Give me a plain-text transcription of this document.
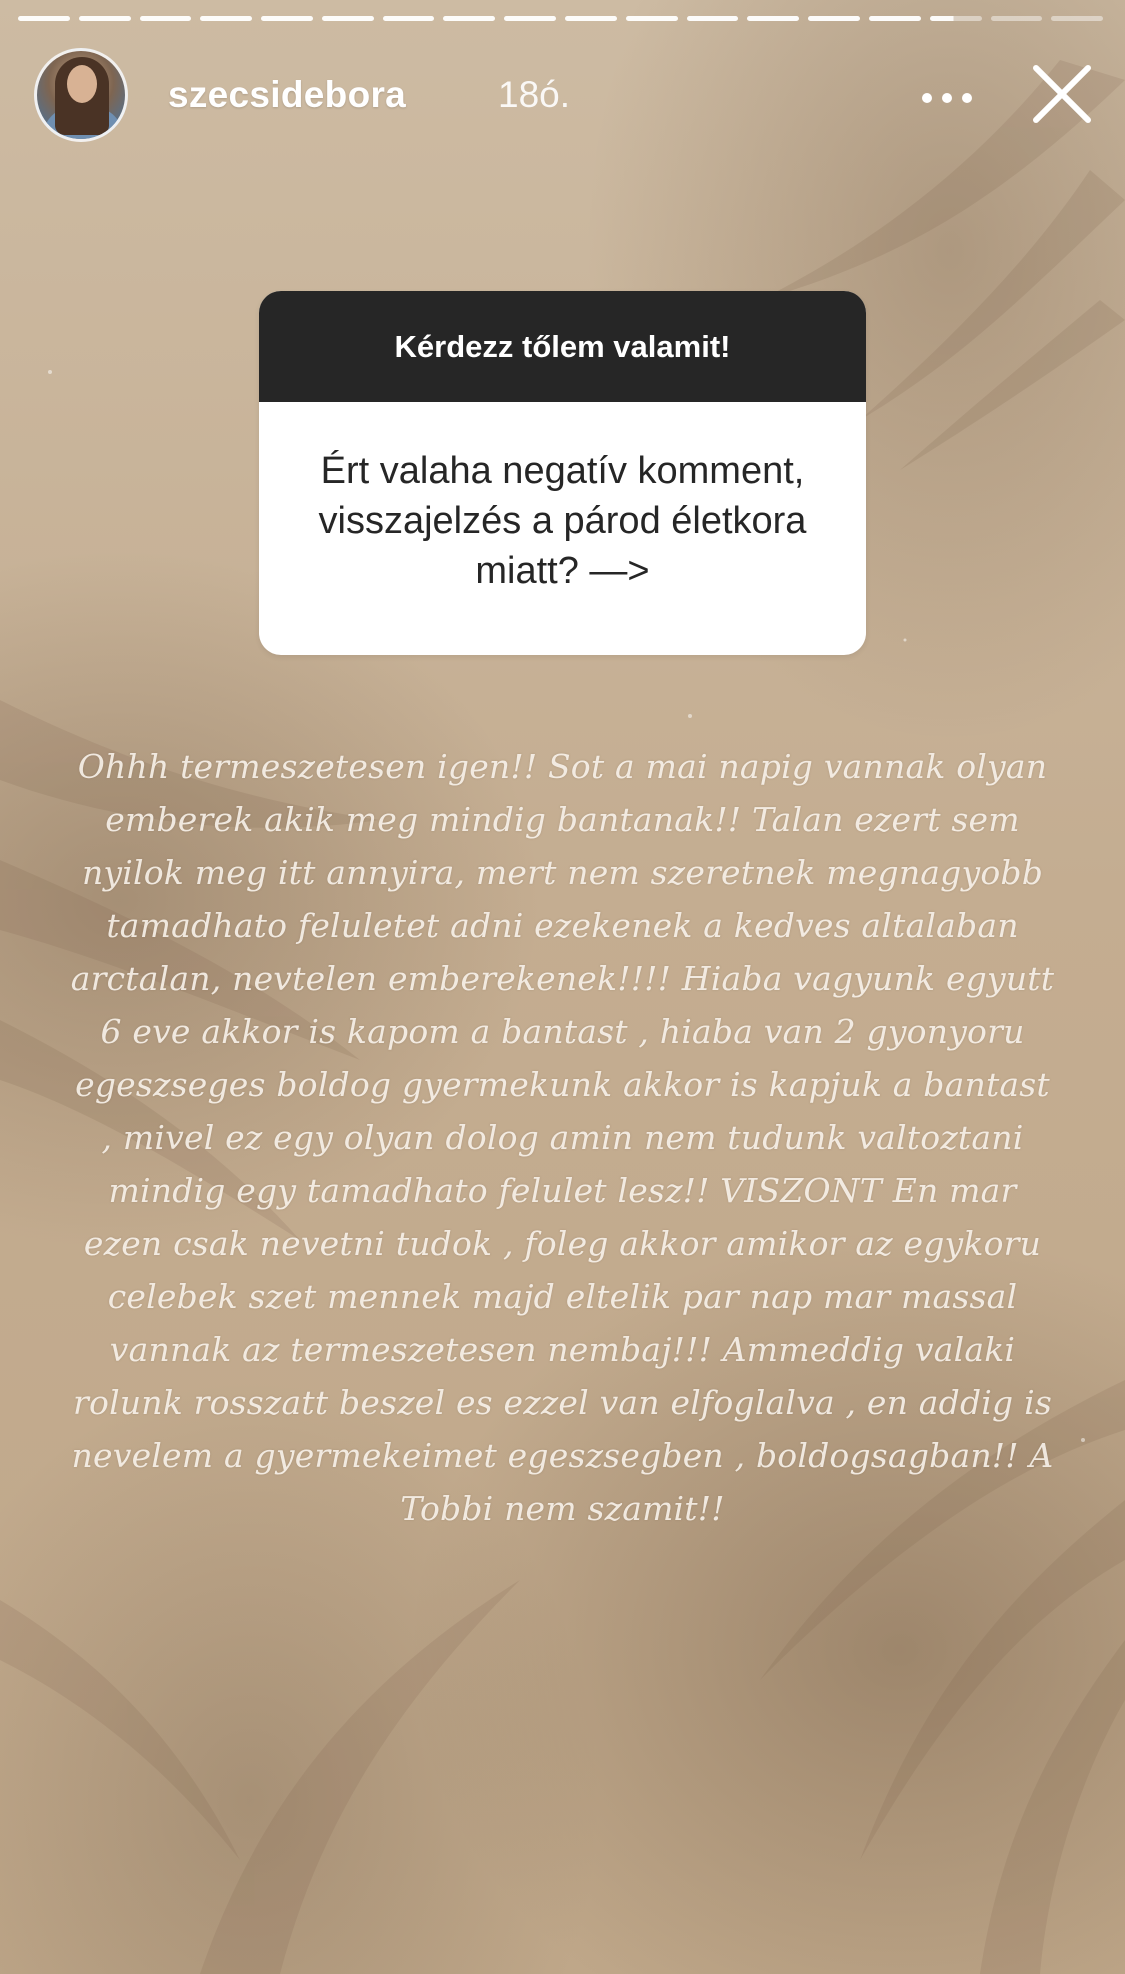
szecsidebora 18ó.
Kérdezz tőlem valamit!
Ért valaha negatív komment, visszajelzés a párod életkora miatt? —>
Ohhh termeszetesen igen!! Sot a mai napig vannak olyan emberek akik meg mindig bantanak!! Talan ezert sem nyilok meg itt annyira, mert nem szeretnek megnagyobb tamadhato feluletet adni ezekenek a kedves altalaban arctalan, nevtelen emberekenek!!!! Hiaba vagyunk egyutt 6 eve akkor is kapom a bantast , hiaba van 2 gyonyoru egeszseges boldog gyermekunk akkor is kapjuk a bantast , mivel ez egy olyan dolog amin nem tudunk valtoztani mindig egy tamadhato felulet lesz!! VISZONT En mar ezen csak nevetni tudok , foleg akkor amikor az egykoru celebek szet mennek majd eltelik par nap mar massal vannak az termeszetesen nembaj!!! Ammeddig valaki rolunk rosszatt beszel es ezzel van elfoglalva , en addig is nevelem a gyermekeimet egeszsegben , boldogsagban!! A Tobbi nem szamit!!
